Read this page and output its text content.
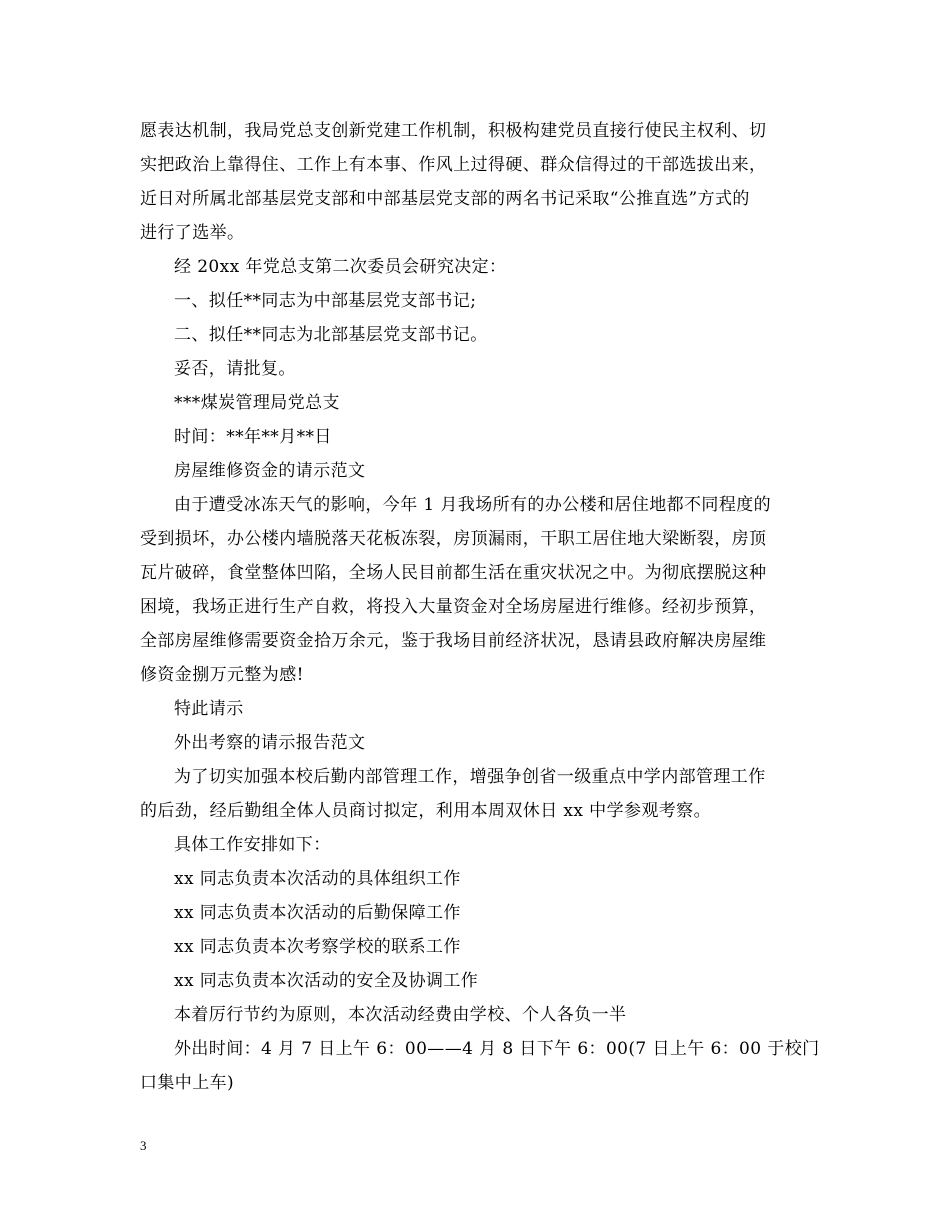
愿表达机制，我局党总支创新党建工作机制，积极构建党员直接行使民主权利、切
实把政治上靠得住、工作上有本事、作风上过得硬、群众信得过的干部选拔出来，
近日对所属北部基层党支部和中部基层党支部的两名书记采取“公推直选”方式的
进行了选举。
经 20xx 年党总支第二次委员会研究决定：
一、拟任**同志为中部基层党支部书记;
二、拟任**同志为北部基层党支部书记。
妥否，请批复。
***煤炭管理局党总支
时间：**年**月**日
房屋维修资金的请示范文
由于遭受冰冻天气的影响，今年 1 月我场所有的办公楼和居住地都不同程度的
受到损坏，办公楼内墙脱落天花板冻裂，房顶漏雨，干职工居住地大梁断裂，房顶
瓦片破碎，食堂整体凹陷，全场人民目前都生活在重灾状况之中。为彻底摆脱这种
困境，我场正进行生产自救，将投入大量资金对全场房屋进行维修。经初步预算，
全部房屋维修需要资金拾万余元，鉴于我场目前经济状况，恳请县政府解决房屋维
修资金捌万元整为感!
特此请示
外出考察的请示报告范文
为了切实加强本校后勤内部管理工作，增强争创省一级重点中学内部管理工作
的后劲，经后勤组全体人员商讨拟定，利用本周双休日 xx 中学参观考察。
具体工作安排如下：
xx 同志负责本次活动的具体组织工作
xx 同志负责本次活动的后勤保障工作
xx 同志负责本次考察学校的联系工作
xx 同志负责本次活动的安全及协调工作
本着厉行节约为原则，本次活动经费由学校、个人各负一半
外出时间：4 月 7 日上午 6：00——4 月 8 日下午 6：00(7 日上午 6：00 于校门
口集中上车)
3
